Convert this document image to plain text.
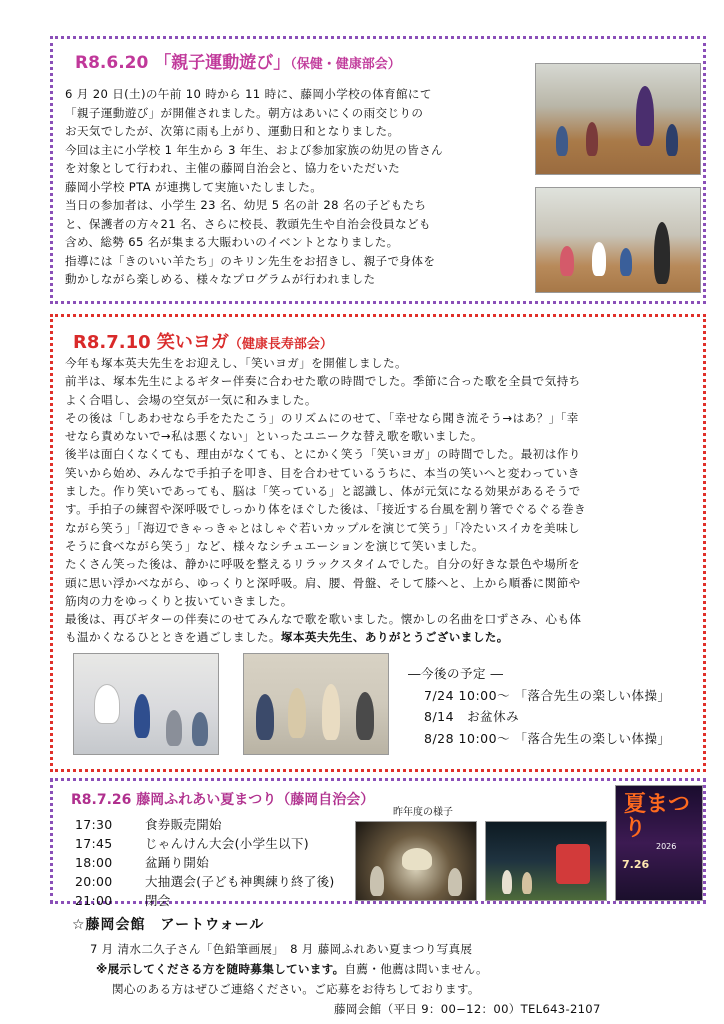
R8.6.20 「親子運動遊び」（保健・健康部会）
6 月 20 日(土)の午前 10 時から 11 時に、藤岡小学校の体育館にて
「親子運動遊び」が開催されました。朝方はあいにくの雨交じりの
お天気でしたが、次第に雨も上がり、運動日和となりました。
今回は主に小学校 1 年生から 3 年生、および参加家族の幼児の皆さん
を対象として行われ、主催の藤岡自治会と、協力をいただいた
藤岡小学校 PTA が連携して実施いたしました。
当日の参加者は、小学生 23 名、幼児 5 名の計 28 名の子どもたち
と、保護者の方々21 名、さらに校長、教頭先生や自治会役員なども
含め、総勢 65 名が集まる大賑わいのイベントとなりました。
指導には「きのいい羊たち」のキリン先生をお招きし、親子で身体を
動かしながら楽しめる、様々なプログラムが行われました
R8.7.10 笑いヨガ（健康長寿部会）
今年も塚本英夫先生をお迎えし、「笑いヨガ」を開催しました。
前半は、塚本先生によるギター伴奏に合わせた歌の時間でした。季節に合った歌を全員で気持ち
よく合唱し、会場の空気が一気に和みました。
その後は「しあわせなら手をたたこう」のリズムにのせて、「幸せなら聞き流そう→はあ？」「幸
せなら責めないで→私は悪くない」といったユニークな替え歌を歌いました。
後半は面白くなくても、理由がなくても、とにかく笑う「笑いヨガ」の時間でした。最初は作り
笑いから始め、みんなで手拍子を叩き、目を合わせているうちに、本当の笑いへと変わっていき
ました。作り笑いであっても、脳は「笑っている」と認識し、体が元気になる効果があるそうで
す。手拍子の練習や深呼吸でしっかり体をほぐした後は、「接近する台風を割り箸でぐるぐる巻き
ながら笑う」「海辺できゃっきゃとはしゃぐ若いカップルを演じて笑う」「冷たいスイカを美味し
そうに食べながら笑う」など、様々なシチュエーションを演じて笑いました。
たくさん笑った後は、静かに呼吸を整えるリラックスタイムでした。自分の好きな景色や場所を
頭に思い浮かべながら、ゆっくりと深呼吸。肩、腰、骨盤、そして膝へと、上から順番に関節や
筋肉の力をゆっくりと抜いていきました。
最後は、再びギターの伴奏にのせてみんなで歌を歌いました。懐かしの名曲を口ずさみ、心も体
も温かくなるひとときを過ごしました。塚本英夫先生、ありがとうございました。
―今後の予定 ―
7/24 10:00～ 「落合先生の楽しい体操」
8/14　お盆休み
8/28 10:00～ 「落合先生の楽しい体操」
R8.7.26 藤岡ふれあい夏まつり（藤岡自治会）
昨年度の様子
17:30	食券販売開始
17:45	じゃんけん大会(小学生以下)
18:00	盆踊り開始
20:00	大抽選会(子ども神輿練り終了後)
21:00	閉会
夏まつり
2026
7.26
☆藤岡会館　アートウォール
7 月 清水二久子さん「色鉛筆画展」　8 月 藤岡ふれあい夏まつり写真展
※展示してくださる方を随時募集しています。自薦・他薦は問いません。
関心のある方はぜひご連絡ください。ご応募をお待ちしております。
藤岡会館（平日 9：00−12：00）TEL643-2107
